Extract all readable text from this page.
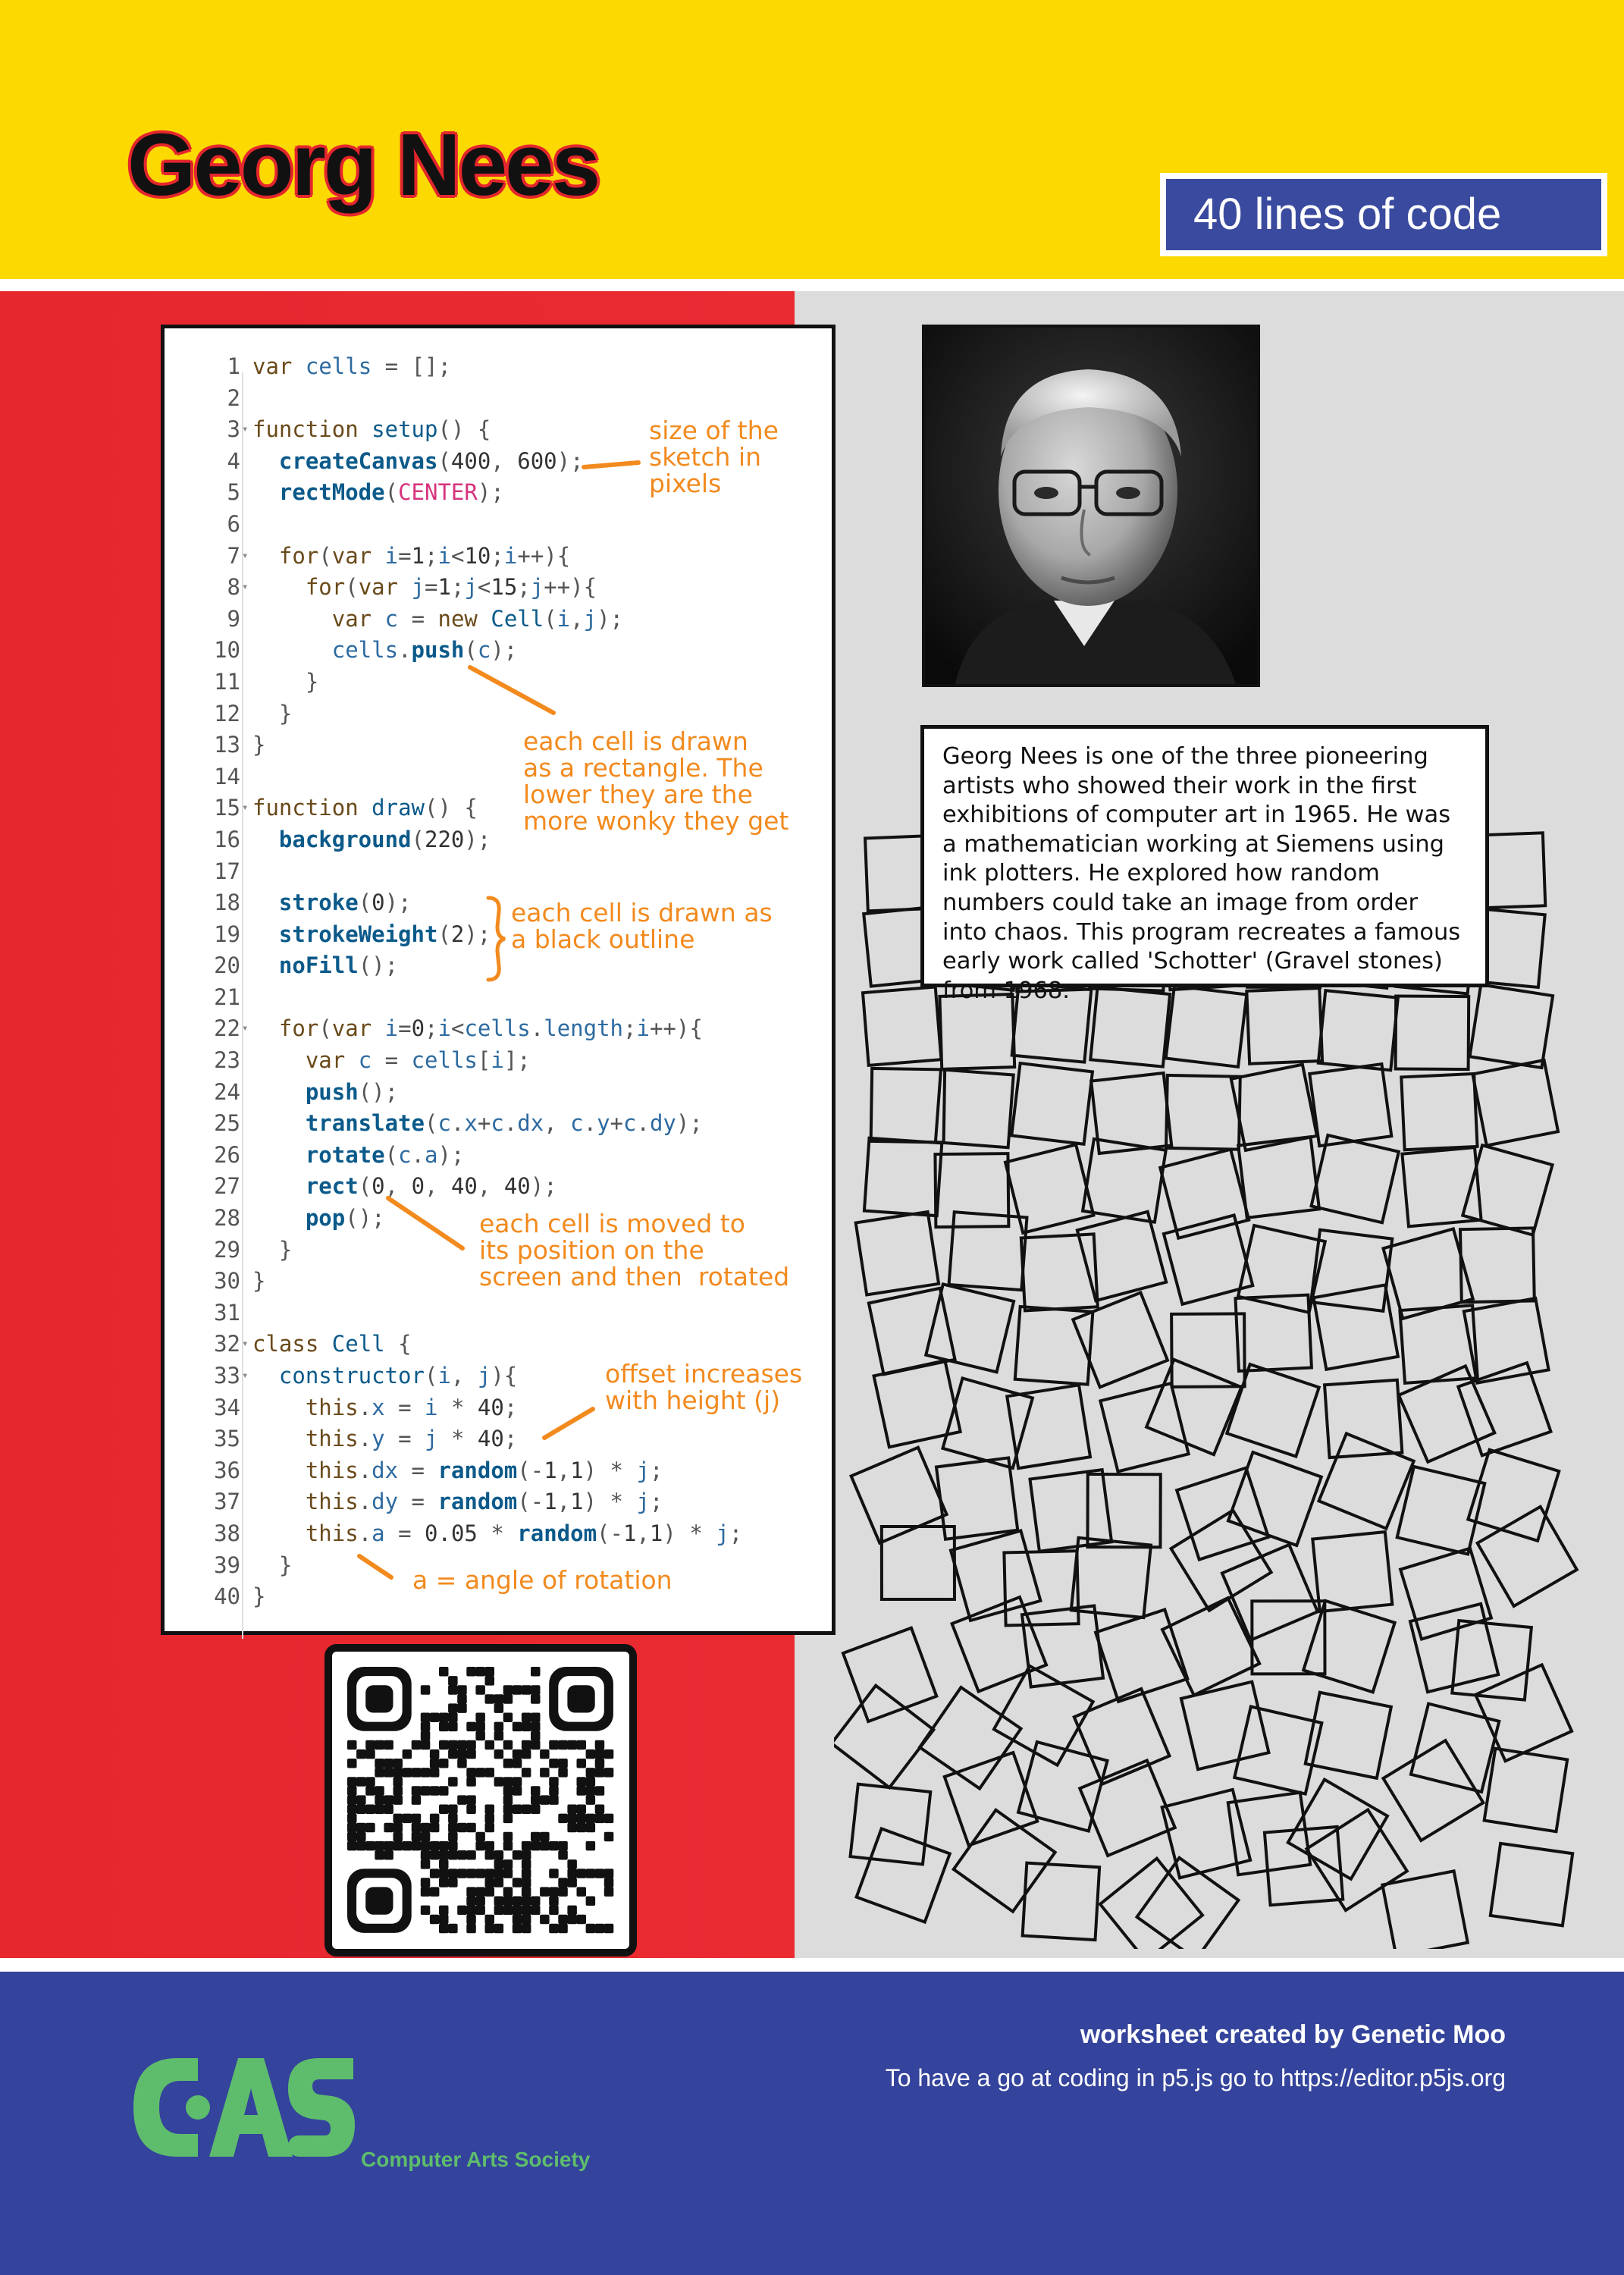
Georg Nees
40 lines of code
1 var cells = [];
2
3 ▾ function setup() {
4	createCanvas(400, 600);
5	rectMode(CENTER);
6
7 ▾	for(var i=1;i<10;i++){
8 ▾	for(var j=1;j<15;j++){
9	var c = new Cell(i,j);
10	cells.push(c);
11	}
12	}
13 }
14
15 ▾ function draw() {
16	background(220);
17
18	stroke(0);
19	strokeWeight(2);
20	noFill();
21
22 ▾	for(var i=0;i<cells.length;i++){
23	var c = cells[i];
24	push();
25	translate(c.x+c.dx, c.y+c.dy);
26	rotate(c.a);
27	rect(0, 0, 40, 40);
28	pop();
29	}
30 }
31
32 ▾ class Cell {
33 ▾	constructor(i, j){
34	this.x = i * 40;
35	this.y = j * 40;
36	this.dx = random(-1,1) * j;
37	this.dy = random(-1,1) * j;
38	this.a = 0.05 * random(-1,1) * j;
39	}
40 }
size of the
sketch in
pixels
each cell is drawn
as a rectangle. The
lower they are the
more wonky they get
each cell is drawn as
a black outline
each cell is moved to
its position on the
screen and then  rotated
offset increases
with height (j)
a = angle of rotation
Georg Nees is one of the three pioneering artists who showed their work in the first exhibitions of computer art in 1965. He was a mathematician working at Siemens using ink plotters. He explored how random numbers could take an image from order into chaos. This program recreates a famous early work called 'Schotter' (Gravel stones) from 1968.
worksheet created by Genetic Moo
To have a go at coding in p5.js go to https://editor.p5js.org
CAS
Computer Arts Society
